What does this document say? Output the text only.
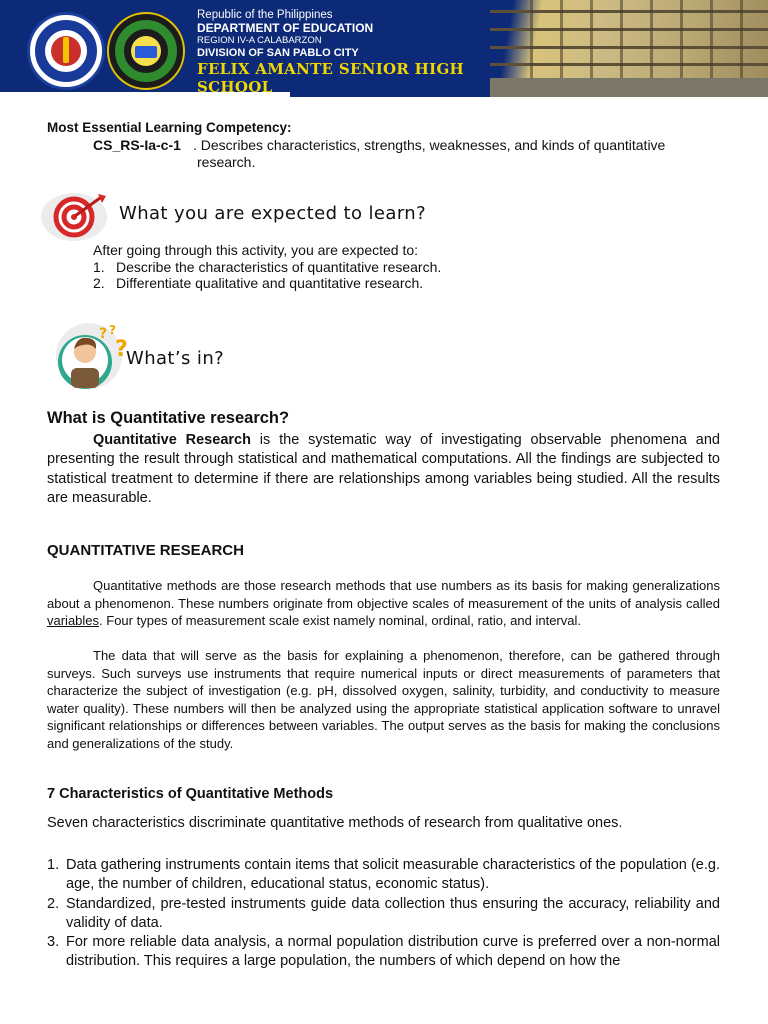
Republic of the Philippines
DEPARTMENT OF EDUCATION
REGION IV-A CALABARZON
DIVISION OF SAN PABLO CITY
FELIX AMANTE SENIOR HIGH
SCHOOL
Most Essential Learning Competency:
CS_RS-Ia-c-1 . Describes characteristics, strengths, weaknesses, and kinds of quantitative research.
What you are expected to learn?
After going through this activity, you are expected to:
1. Describe the characteristics of quantitative research.
2. Differentiate qualitative and quantitative research.
? ?
?
What’s in?
What is Quantitative research?

Quantitative Research is the systematic way of investigating observable phenomena and presenting the result through statistical and mathematical computations. All the findings are subjected to statistical treatment to determine if there are relationships among variables being studied. All the results are measurable.

QUANTITATIVE RESEARCH

Quantitative methods are those research methods that use numbers as its basis for making generalizations about a phenomenon. These numbers originate from objective scales of measurement of the units of analysis called variables. Four types of measurement scale exist namely nominal, ordinal, ratio, and interval.

The data that will serve as the basis for explaining a phenomenon, therefore, can be gathered through surveys. Such surveys use instruments that require numerical inputs or direct measurements of parameters that characterize the subject of investigation (e.g. pH, dissolved oxygen, salinity, turbidity, and conductivity to measure water quality). These numbers will then be analyzed using the appropriate statistical application software to unravel significant relationships or differences between variables. The output serves as the basis for making the conclusions and generalizations of the study.

7 Characteristics of Quantitative Methods
Seven characteristics discriminate quantitative methods of research from qualitative ones.
1. Data gathering instruments contain items that solicit measurable characteristics of the population (e.g. age, the number of children, educational status, economic status).
2. Standardized, pre-tested instruments guide data collection thus ensuring the accuracy, reliability and validity of data.
3. For more reliable data analysis, a normal population distribution curve is preferred over a non-normal distribution. This requires a large population, the numbers of which depend on how the
